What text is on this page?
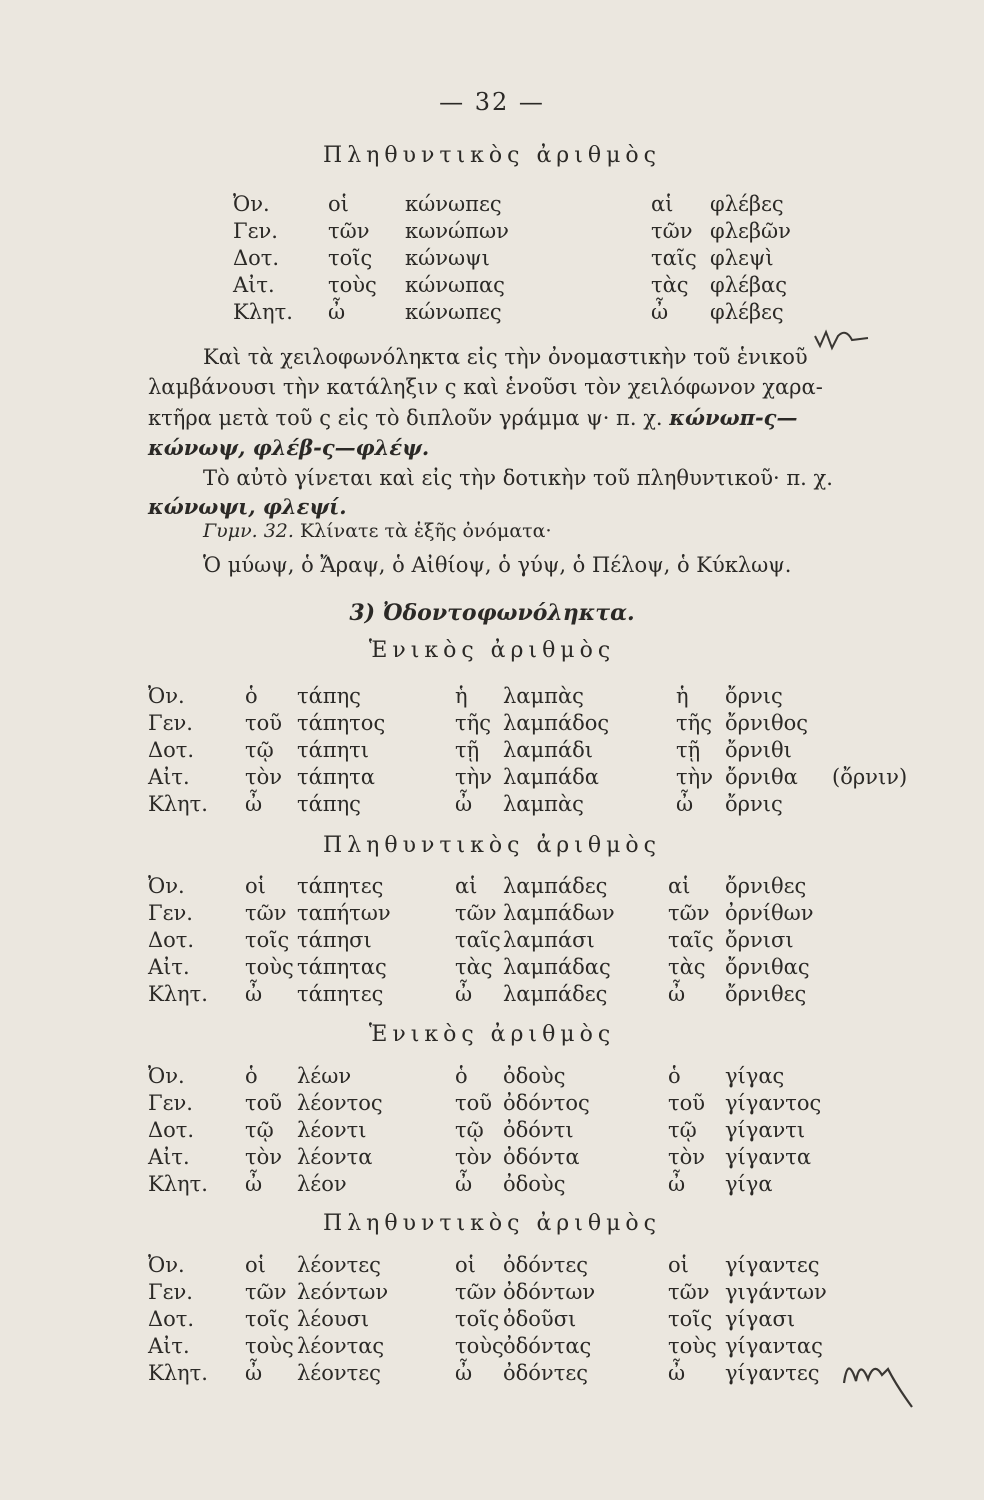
— 32 —
Πληθυντικὸς ἀριθμὸς
Ὀν.	οἱ	κώνωπες	αἱ φλέβες
Γεν. τῶν κωνώπων	τῶν φλεβῶν
Δοτ. τοῖς κώνωψι	ταῖς φλεψὶ
Αἰτ.	τοὺς κώνωπας	τὰς φλέβας
Κλητ. ὦ	κώνωπες	ὦ φλέβες
Καὶ τὰ χειλοφωνόληκτα εἰς τὴν ὀνομαστικὴν τοῦ ἑνικοῦ
λαμβάνουσι τὴν κατάληξιν ς καὶ ἑνοῦσι τὸν χειλόφωνον χαρα-
κτῆρα μετὰ τοῦ ς εἰς τὸ διπλοῦν γράμμα ψ· π. χ. κώνωπ-ς—
κώνωψ, φλέβ-ς—φλέψ.
Τὸ αὐτὸ γίνεται καὶ εἰς τὴν δοτικὴν τοῦ πληθυντικοῦ· π. χ.
κώνωψι, φλεψί.
Γυμν. 32. Κλίνατε τὰ ἑξῆς ὀνόματα·
Ὁ μύωψ, ὁ Ἄραψ, ὁ Αἰθίοψ, ὁ γύψ, ὁ Πέλοψ, ὁ Κύκλωψ.
3) Ὀδοντοφωνόληκτα.
Ἑνικὸς ἀριθμὸς
Ὀν.	ὁ τάπης	ἡ λαμπὰς	ἡ ὄρνις
Γεν. τοῦ τάπητος	τῆς λαμπάδος	τῆς ὄρνιθος
Δοτ. τῷ τάπητι	τῇ λαμπάδι	τῇ ὄρνιθι
Αἰτ.	τὸν τάπητα	τὴν λαμπάδα	τὴν ὄρνιθα (ὄρνιν)
Κλητ. ὦ τάπης	ὦ λαμπὰς	ὦ ὄρνις
Πληθυντικὸς ἀριθμὸς
Ὀν.	οἱ τάπητες	αἱ λαμπάδες	αἱ ὄρνιθες
Γεν. τῶν ταπήτων	τῶν λαμπάδων	τῶν ὀρνίθων
Δοτ. τοῖς τάπησι	ταῖς λαμπάσι	ταῖς ὄρνισι
Αἰτ.	τοὺς τάπητας	τὰς λαμπάδας	τὰς ὄρνιθας
Κλητ. ὦ τάπητες	ὦ λαμπάδες	ὦ ὄρνιθες
Ἑνικὸς ἀριθμὸς
Ὀν.	ὁ λέων	ὁ ὀδοὺς	ὁ γίγας
Γεν. τοῦ λέοντος	τοῦ ὀδόντος	τοῦ γίγαντος
Δοτ. τῷ λέοντι	τῷ ὀδόντι	τῷ γίγαντι
Αἰτ.	τὸν λέοντα	τὸν ὀδόντα	τὸν γίγαντα
Κλητ. ὦ λέον	ὦ ὀδοὺς	ὦ γίγα
Πληθυντικὸς ἀριθμὸς
Ὀν.	οἱ λέοντες	οἱ ὀδόντες	οἱ γίγαντες
Γεν. τῶν λεόντων	τῶν ὀδόντων	τῶν γιγάντων
Δοτ. τοῖς λέουσι	τοῖς ὀδοῦσι	τοῖς γίγασι
Αἰτ.	τοὺς λέοντας	τοὺς ὀδόντας	τοὺς γίγαντας
Κλητ. ὦ λέοντες	ὦ ὀδόντες	ὦ γίγαντες
